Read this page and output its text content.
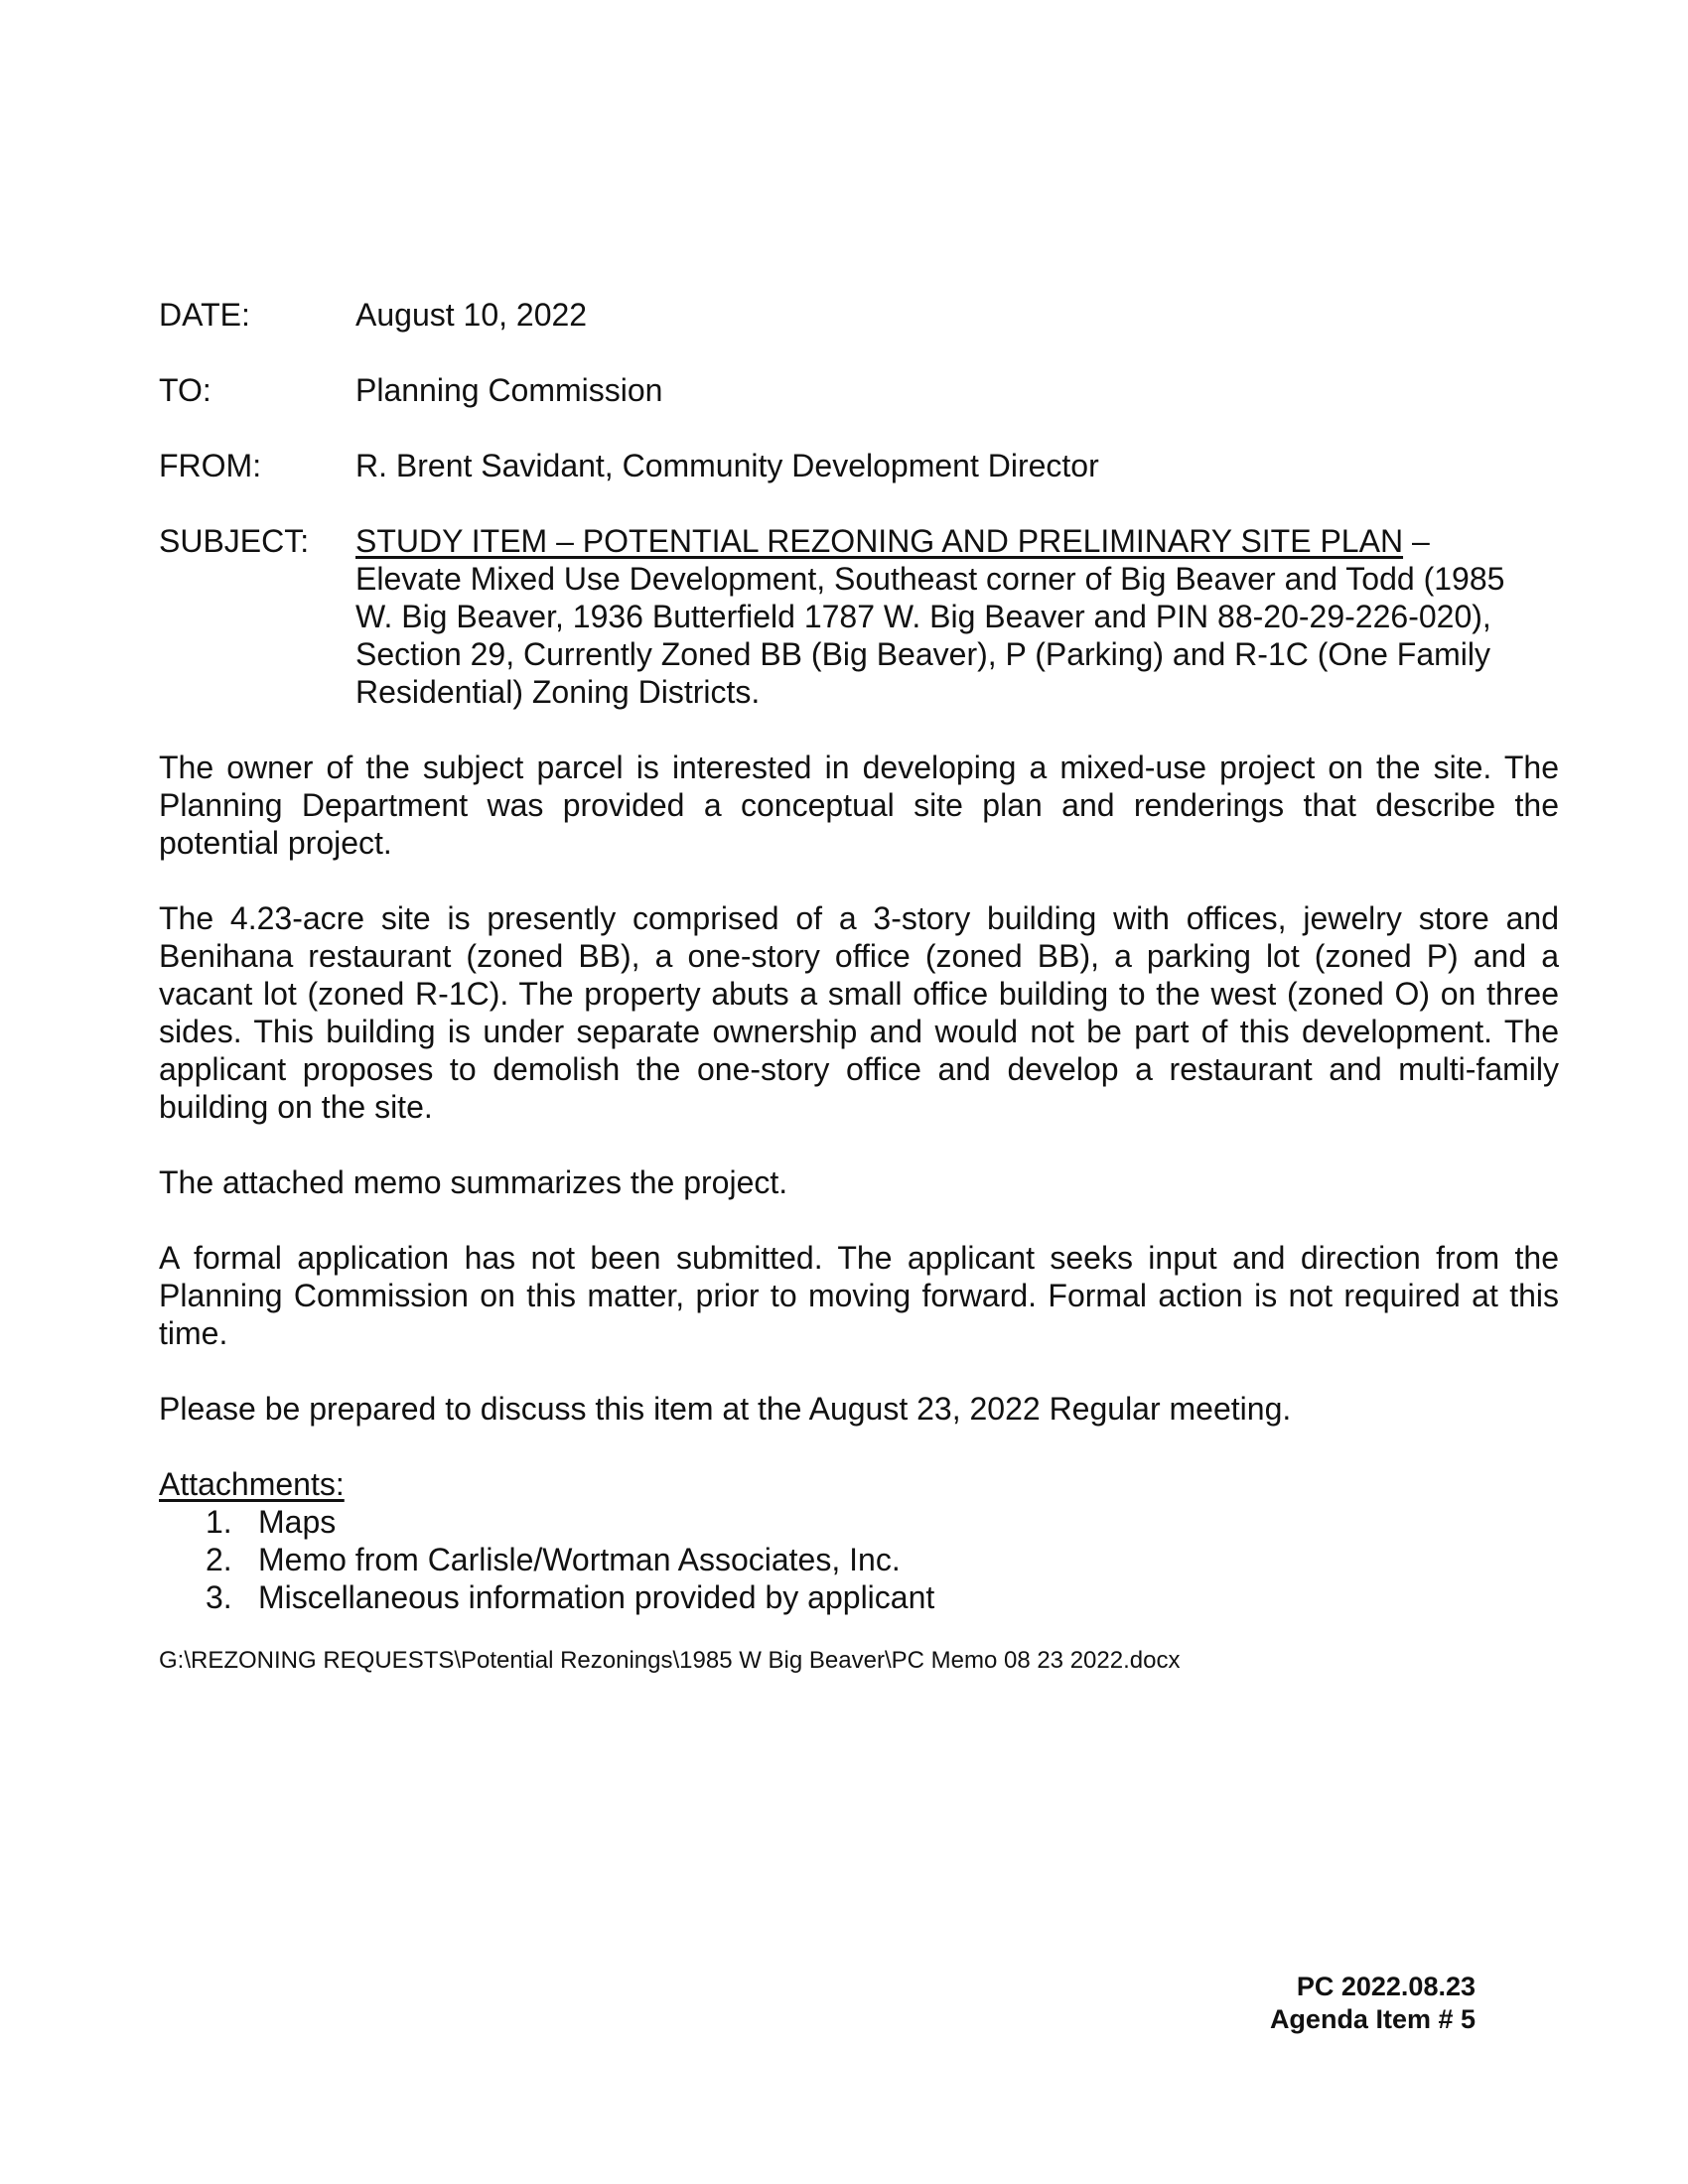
DATE:	August 10, 2022
TO:	Planning Commission
FROM:	R. Brent Savidant, Community Development Director
SUBJECT:	STUDY ITEM – POTENTIAL REZONING AND PRELIMINARY SITE PLAN –
Elevate Mixed Use Development, Southeast corner of Big Beaver and Todd (1985 W. Big Beaver, 1936 Butterfield 1787 W. Big Beaver and PIN 88-20-29-226-020), Section 29, Currently Zoned BB (Big Beaver), P (Parking) and R-1C (One Family Residential) Zoning Districts.

The owner of the subject parcel is interested in developing a mixed-use project on the site. The Planning Department was provided a conceptual site plan and renderings that describe the potential project.

The 4.23-acre site is presently comprised of a 3-story building with offices, jewelry store and Benihana restaurant (zoned BB), a one-story office (zoned BB), a parking lot (zoned P) and a vacant lot (zoned R-1C). The property abuts a small office building to the west (zoned O) on three sides. This building is under separate ownership and would not be part of this development. The applicant proposes to demolish the one-story office and develop a restaurant and multi-family building on the site.

The attached memo summarizes the project.

A formal application has not been submitted. The applicant seeks input and direction from the Planning Commission on this matter, prior to moving forward. Formal action is not required at this time.

Please be prepared to discuss this item at the August 23, 2022 Regular meeting.

Attachments:

1. Maps
2. Memo from Carlisle/Wortman Associates, Inc.
3. Miscellaneous information provided by applicant

G:\REZONING REQUESTS\Potential Rezonings\1985 W Big Beaver\PC Memo 08 23 2022.docx

PC 2022.08.23
Agenda Item # 5
